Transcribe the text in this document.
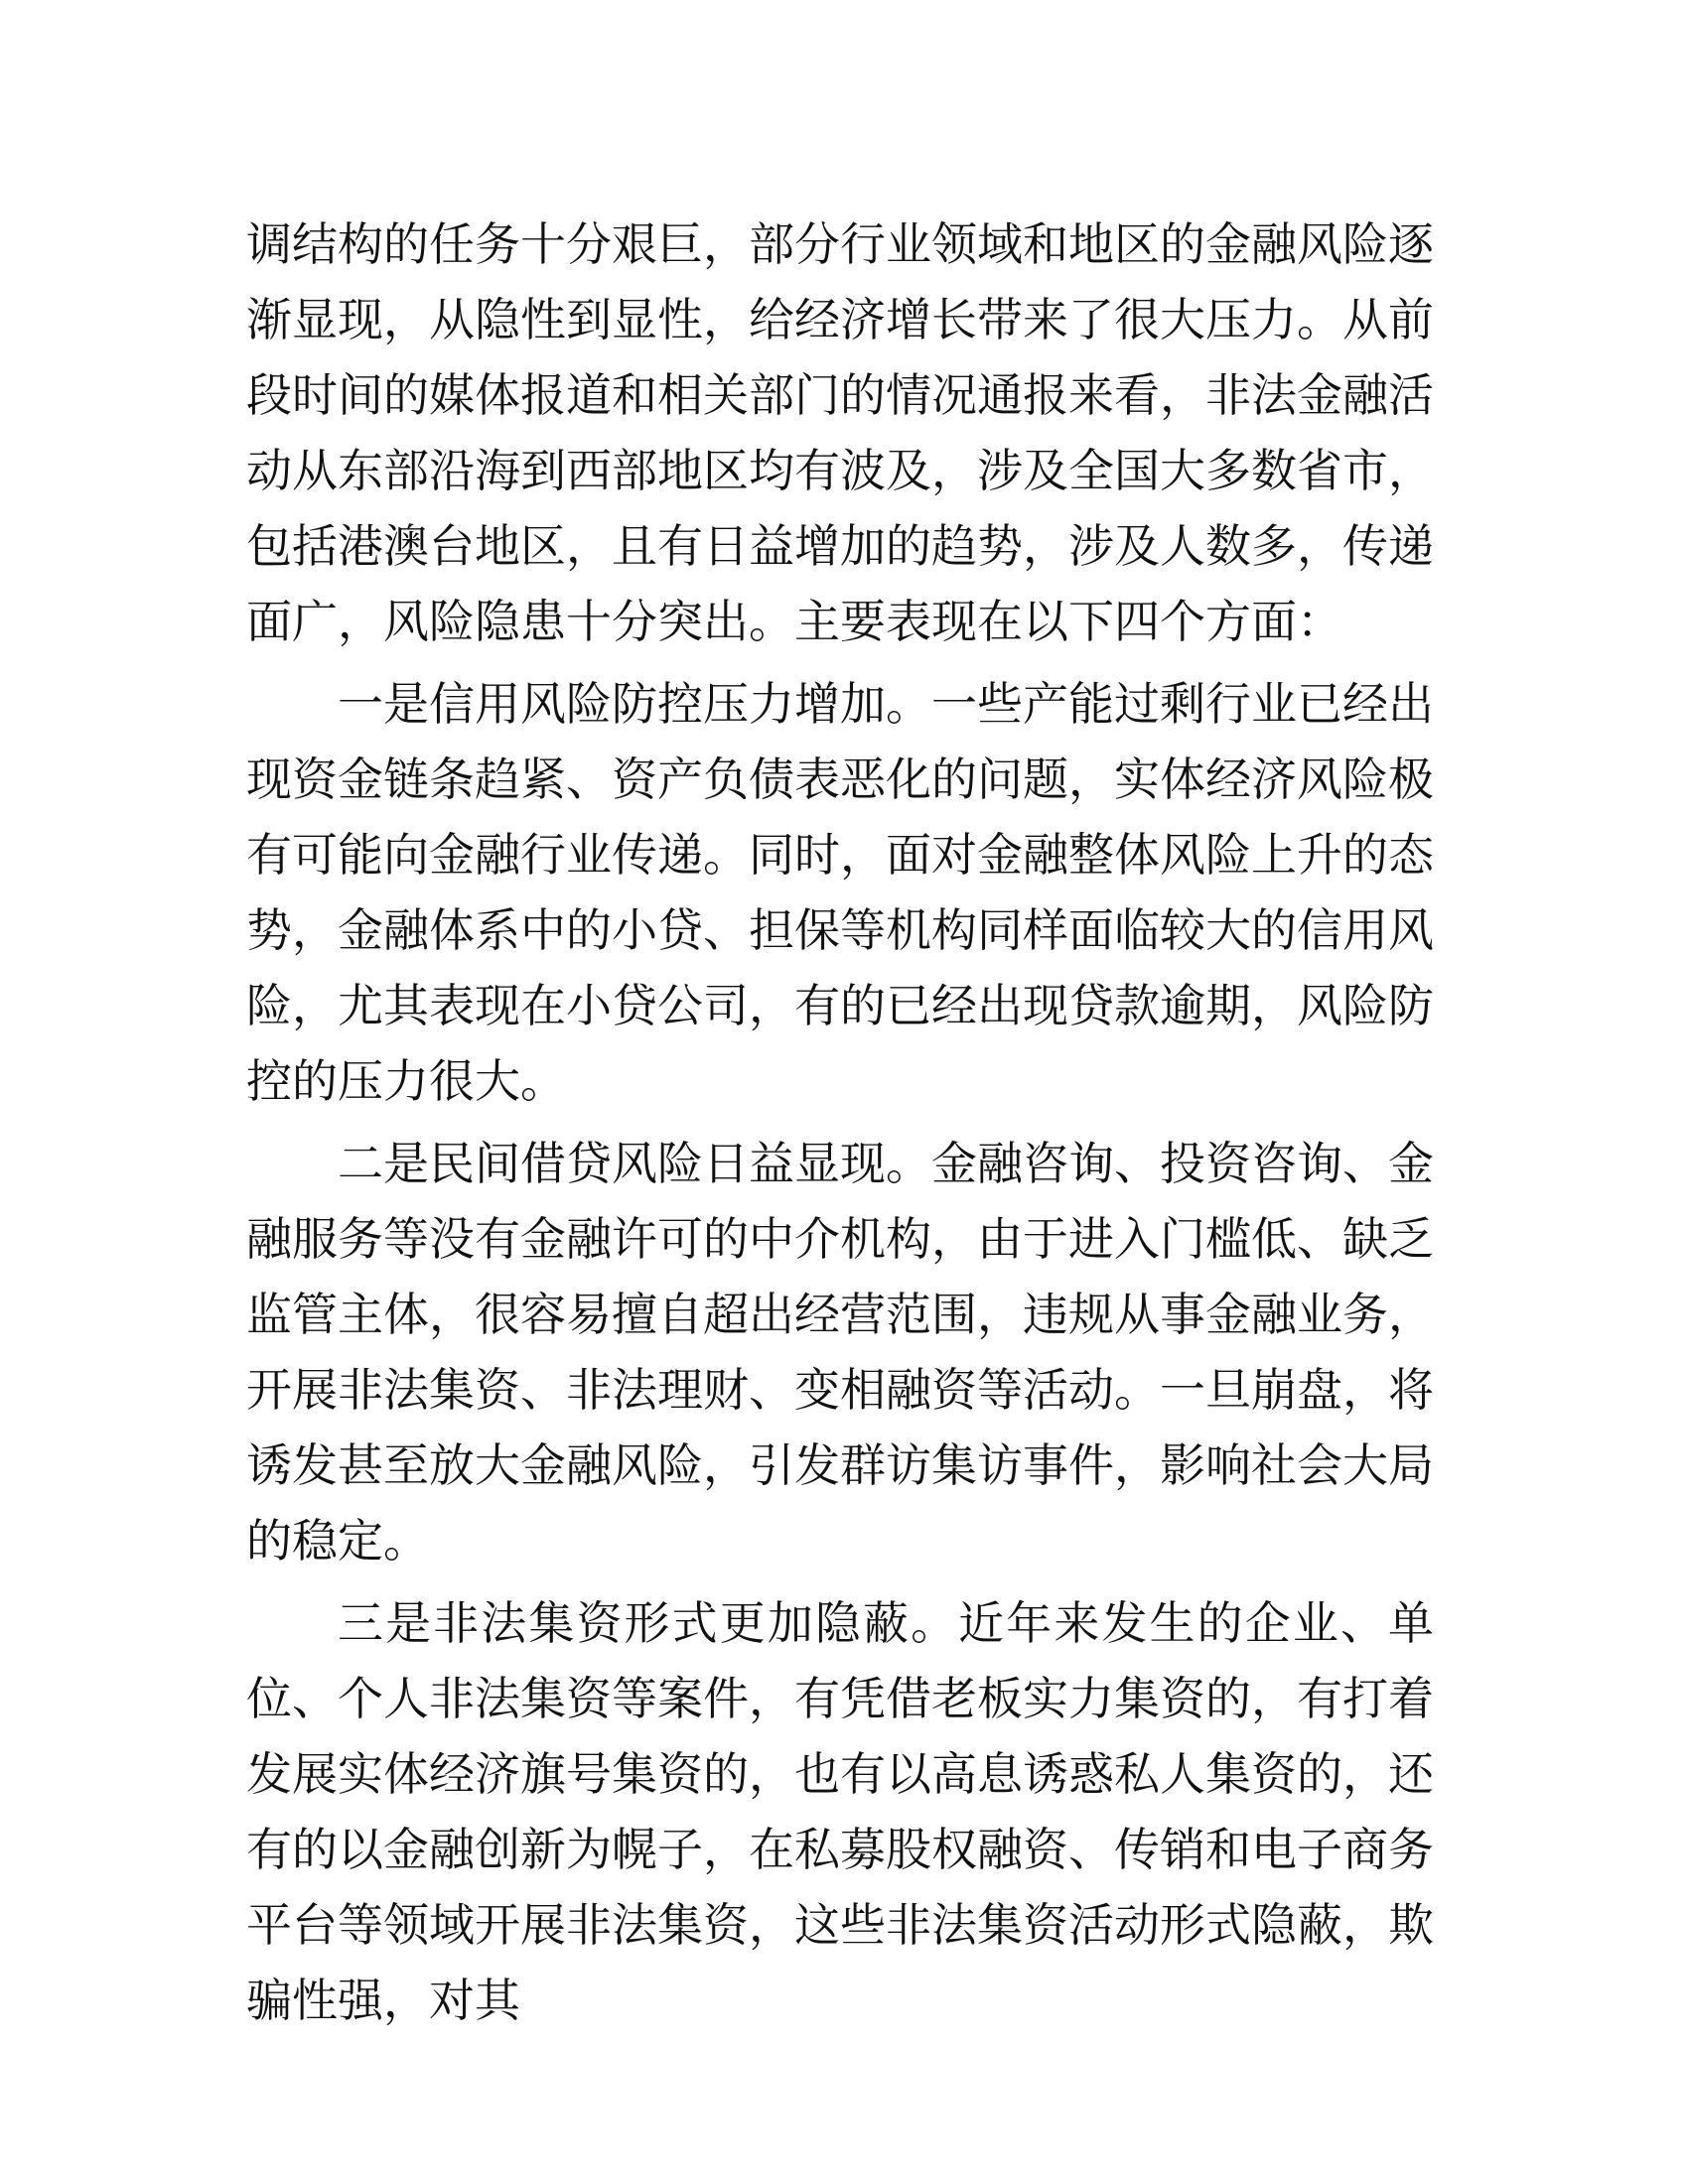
调结构的任务十分艰巨，部分行业领域和地区的金融风险逐渐显现，从隐性到显性，给经济增长带来了很大压力。从前段时间的媒体报道和相关部门的情况通报来看，非法金融活动从东部沿海到西部地区均有波及，涉及全国大多数省市，包括港澳台地区，且有日益增加的趋势，涉及人数多，传递面广，风险隐患十分突出。主要表现在以下四个方面：

一是信用风险防控压力增加。一些产能过剩行业已经出现资金链条趋紧、资产负债表恶化的问题，实体经济风险极有可能向金融行业传递。同时，面对金融整体风险上升的态势，金融体系中的小贷、担保等机构同样面临较大的信用风险，尤其表现在小贷公司，有的已经出现贷款逾期，风险防控的压力很大。

二是民间借贷风险日益显现。金融咨询、投资咨询、金融服务等没有金融许可的中介机构，由于进入门槛低、缺乏监管主体，很容易擅自超出经营范围，违规从事金融业务，开展非法集资、非法理财、变相融资等活动。一旦崩盘，将诱发甚至放大金融风险，引发群访集访事件，影响社会大局的稳定。

三是非法集资形式更加隐蔽。近年来发生的企业、单位、个人非法集资等案件，有凭借老板实力集资的，有打着发展实体经济旗号集资的，也有以高息诱惑私人集资的，还有的以金融创新为幌子，在私募股权融资、传销和电子商务平台等领域开展非法集资，这些非法集资活动形式隐蔽，欺骗性强，对其
